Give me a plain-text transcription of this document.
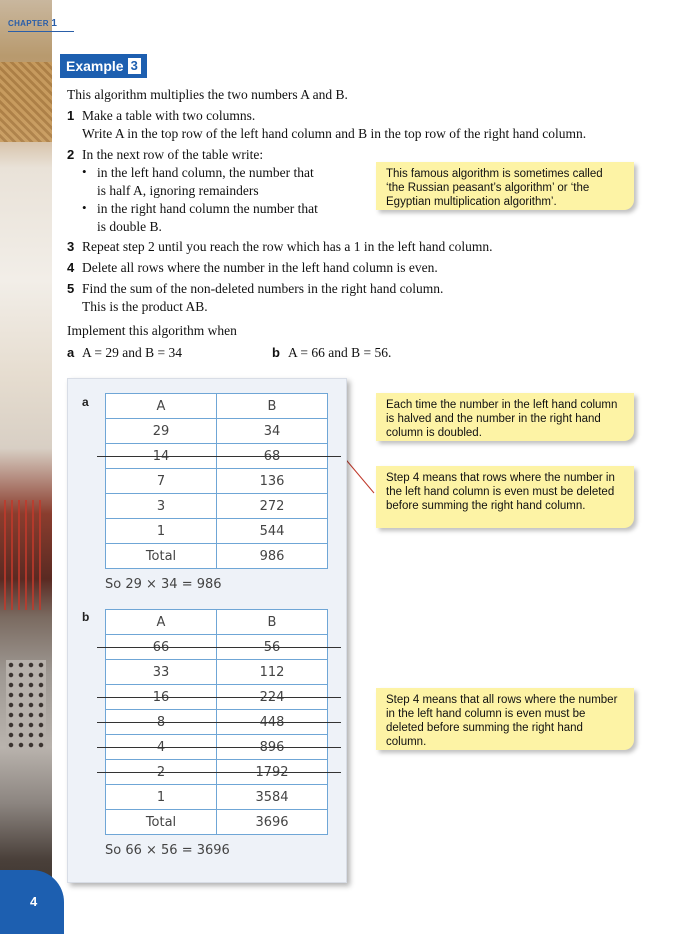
4
CHAPTER 1
Example 3
This algorithm multiplies the two numbers A and B.
1 Make a table with two columns.
Write A in the top row of the left hand column and B in the top row of the right hand column.
2 In the next row of the table write:
• in the left hand column, the number that
is half A, ignoring remainders
• in the right hand column the number that
is double B.
3 Repeat step 2 until you reach the row which has a 1 in the left hand column.
4 Delete all rows where the number in the left hand column is even.
5 Find the sum of the non-deleted numbers in the right hand column.
This is the product AB.
Implement this algorithm when
a A = 29 and B = 34	b A = 66 and B = 56.
This famous algorithm is sometimes called ‘the Russian peasant’s algorithm’ or ‘the Egyptian multiplication algorithm’.
Each time the number in the left hand column is halved and the number in the right hand column is doubled.
Step 4 means that rows where the number in the left hand column is even must be deleted before summing the right hand column.
Step 4 means that all rows where the number in the left hand column is even must be deleted before summing the right hand column.
a	A	B
29	34
14	68
7	136
3	272
1	544
Total	986
So 29 × 34 = 986
b	A	B
66	56
33	112
16	224
8	448
4	896
2	1792
1	3584
Total	3696
So 66 × 56 = 3696
